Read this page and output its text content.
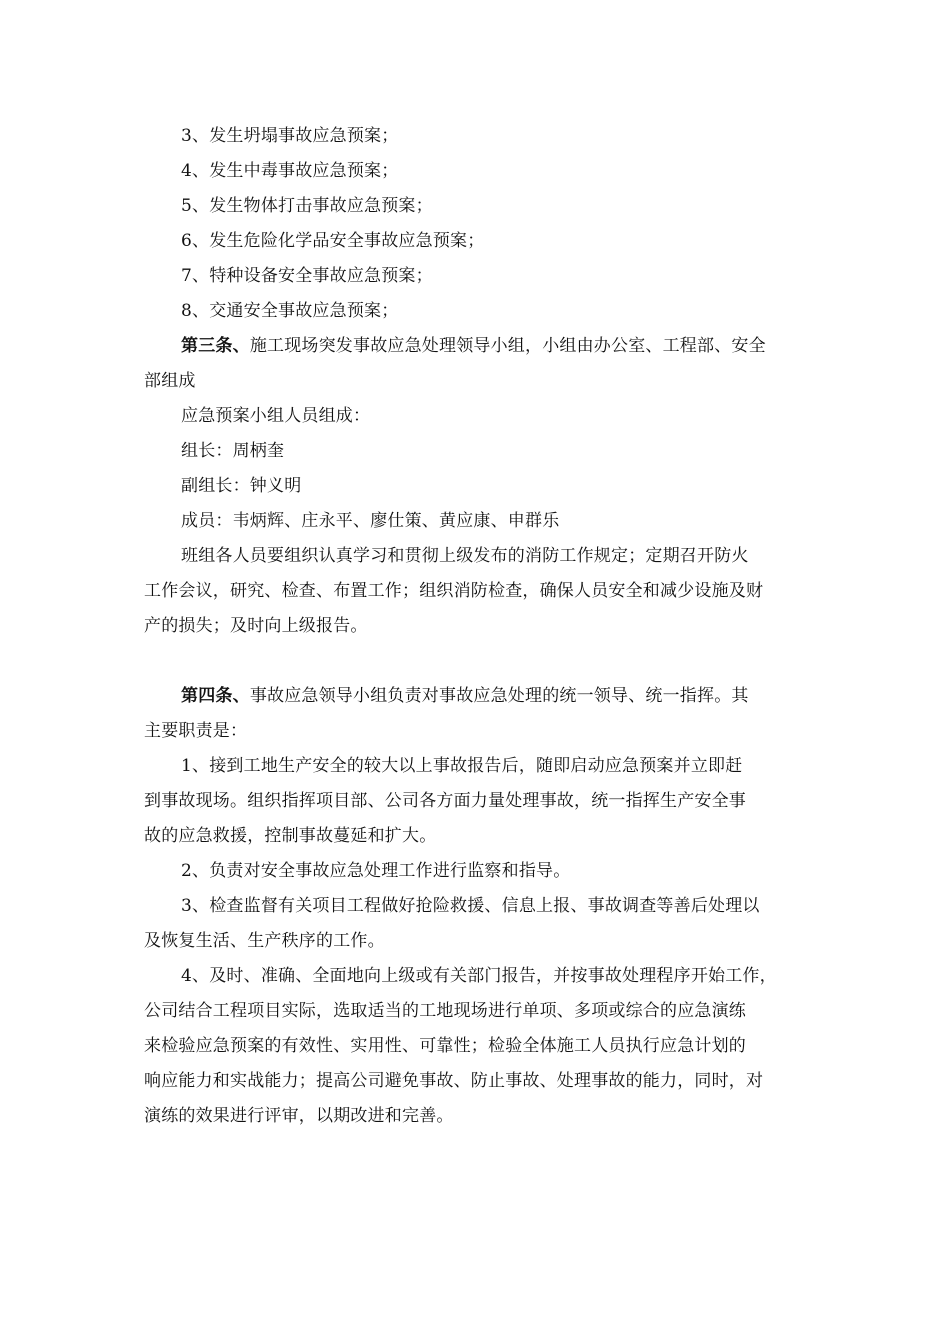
3、发生坍塌事故应急预案；
4、发生中毒事故应急预案；
5、发生物体打击事故应急预案；
6、发生危险化学品安全事故应急预案；
7、特种设备安全事故应急预案；
8、交通安全事故应急预案；
第三条、施工现场突发事故应急处理领导小组，小组由办公室、工程部、安全
部组成
应急预案小组人员组成：
组长：周柄奎
副组长：钟义明
成员：韦炳辉、庄永平、廖仕策、黄应康、申群乐
班组各人员要组织认真学习和贯彻上级发布的消防工作规定；定期召开防火
工作会议，研究、检查、布置工作；组织消防检查，确保人员安全和减少设施及财
产的损失；及时向上级报告。
第四条、事故应急领导小组负责对事故应急处理的统一领导、统一指挥。其
主要职责是：
1、接到工地生产安全的较大以上事故报告后，随即启动应急预案并立即赶
到事故现场。组织指挥项目部、公司各方面力量处理事故，统一指挥生产安全事
故的应急救援，控制事故蔓延和扩大。
2、负责对安全事故应急处理工作进行监察和指导。
3、检查监督有关项目工程做好抢险救援、信息上报、事故调查等善后处理以
及恢复生活、生产秩序的工作。
4、及时、准确、全面地向上级或有关部门报告，并按事故处理程序开始工作，
公司结合工程项目实际，选取适当的工地现场进行单项、多项或综合的应急演练
来检验应急预案的有效性、实用性、可靠性；检验全体施工人员执行应急计划的
响应能力和实战能力；提高公司避免事故、防止事故、处理事故的能力，同时，对
演练的效果进行评审，以期改进和完善。
